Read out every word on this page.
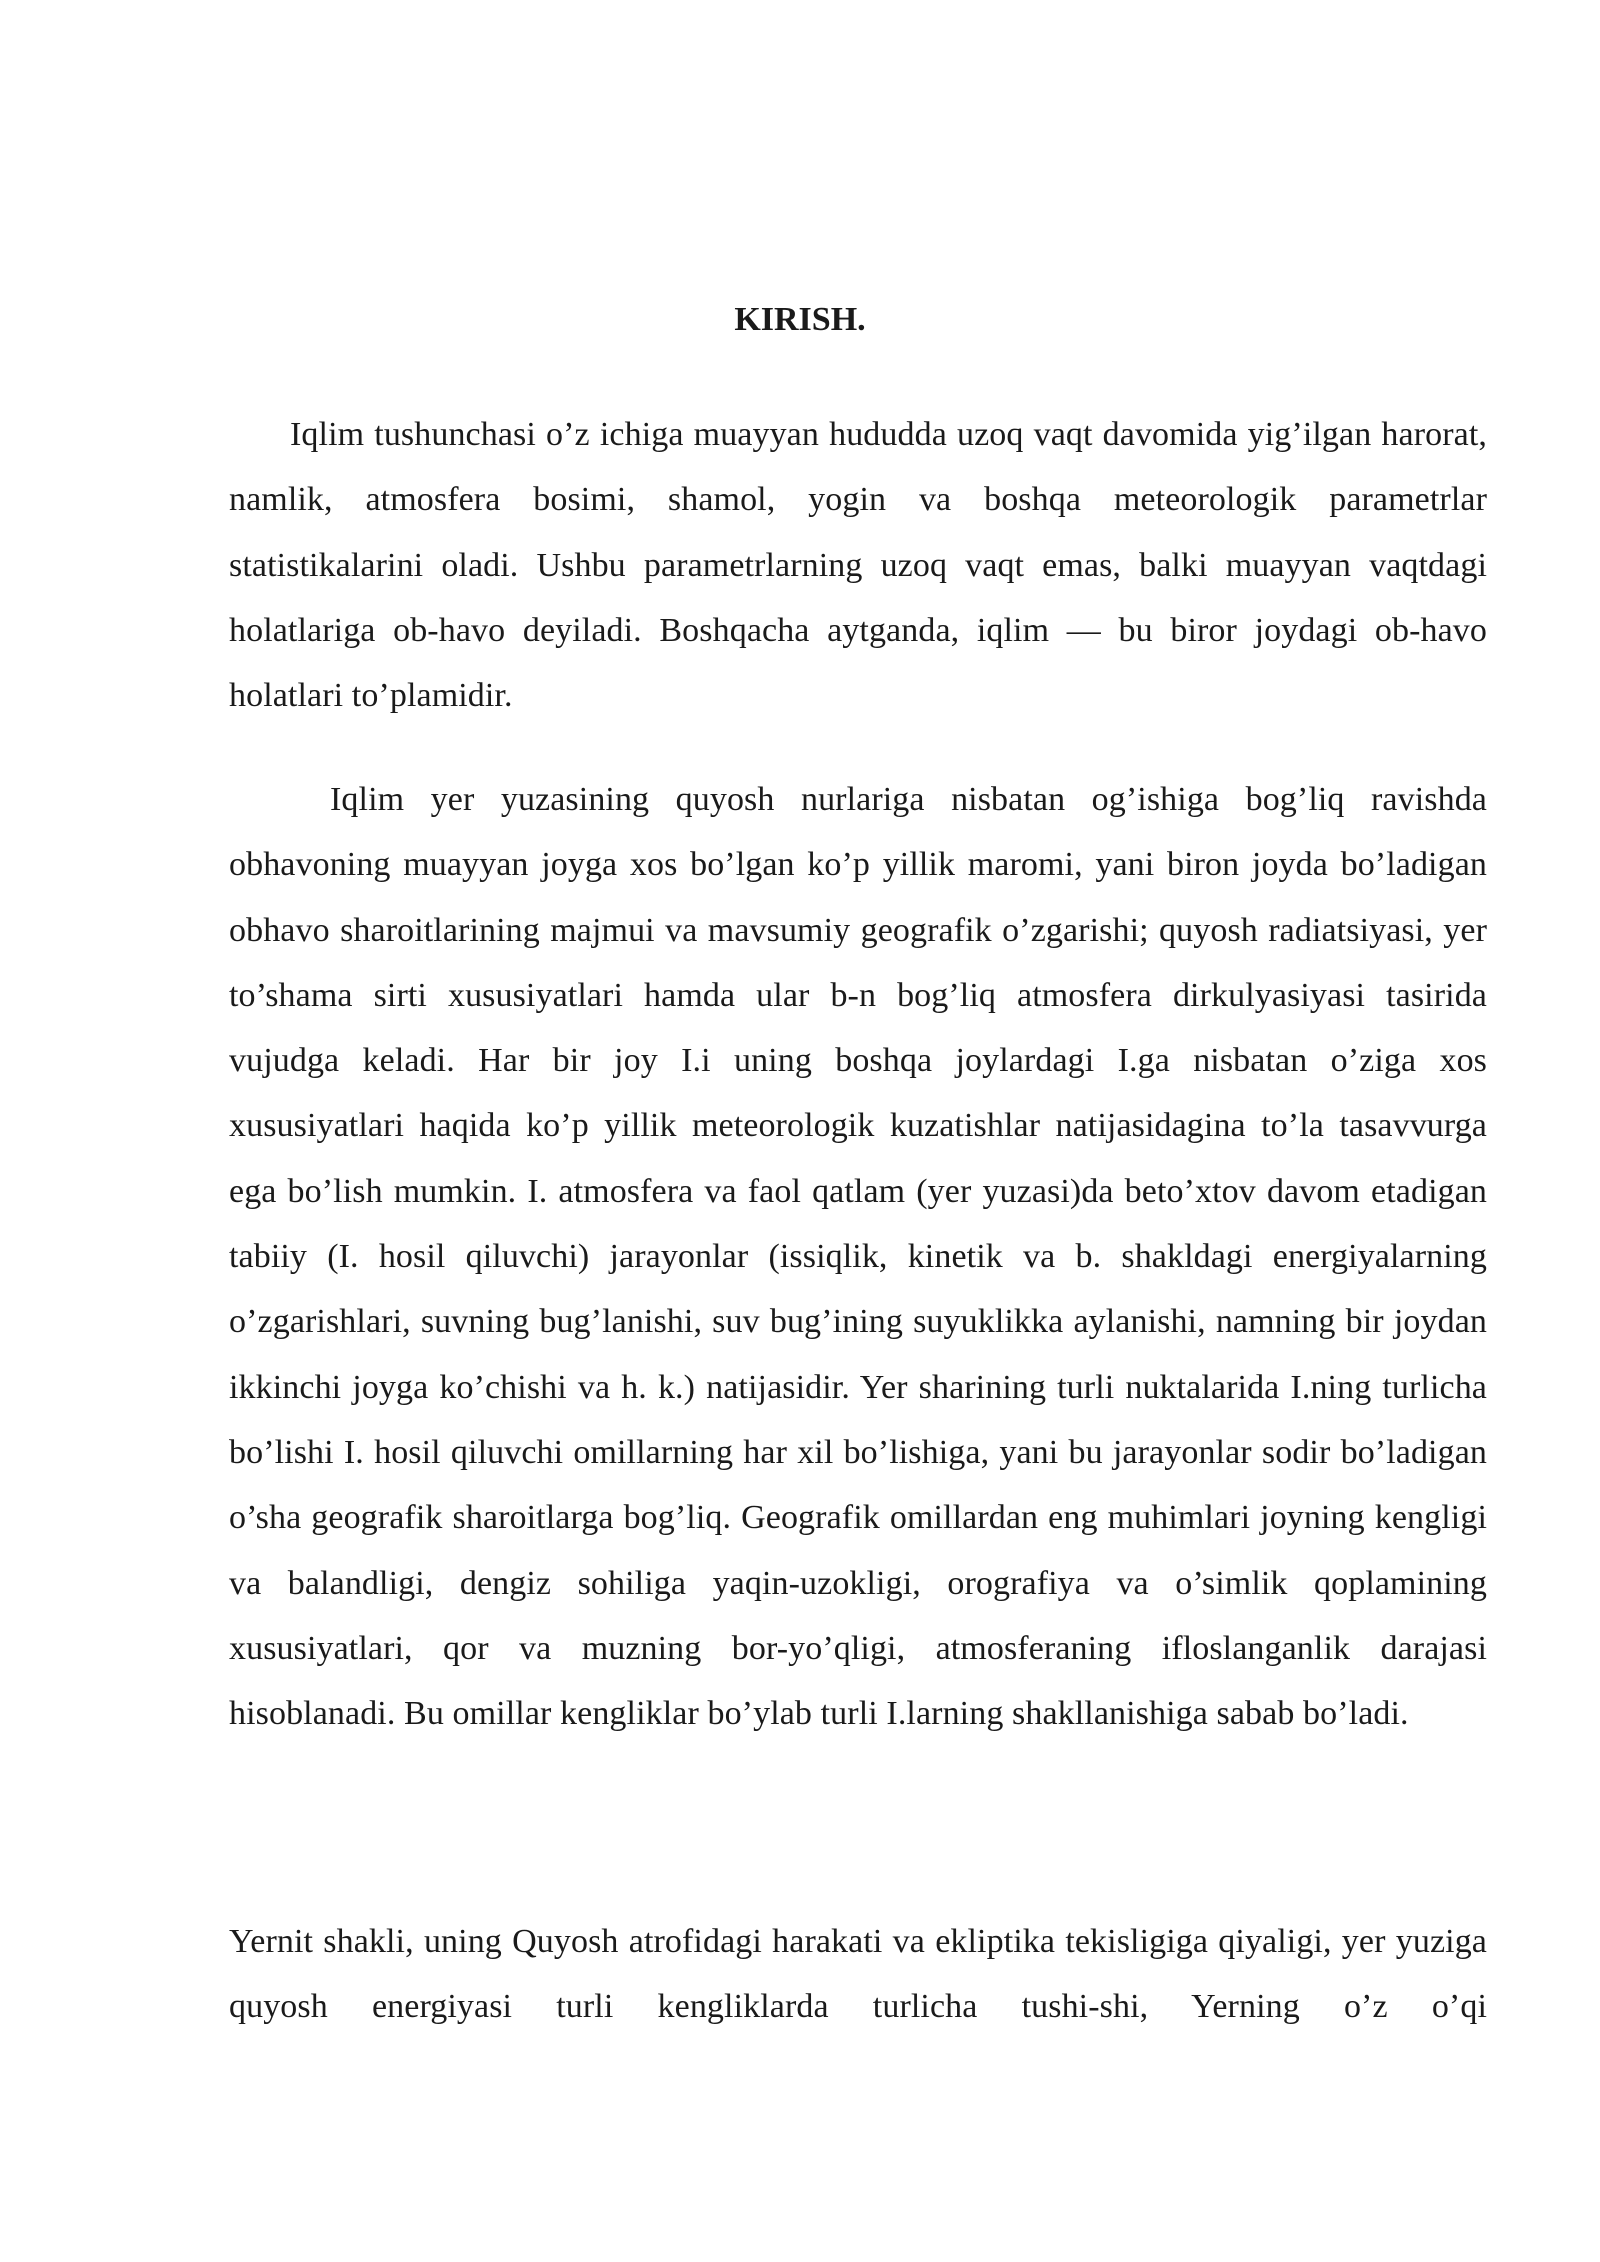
KIRISH.

Iqlim tushunchasi o’z ichiga muayyan hududda uzoq vaqt davomida yig’ilgan harorat, namlik, atmosfera bosimi, shamol, yogin va boshqa meteorologik parametrlar statistikalarini oladi. Ushbu parametrlarning uzoq vaqt emas, balki muayyan vaqtdagi holatlariga ob-havo deyiladi. Boshqacha aytganda, iqlim — bu biror joydagi ob-havo holatlari to’plamidir.

Iqlim yer yuzasining quyosh nurlariga nisbatan og’ishiga bog’liq ravishda obhavoning muayyan joyga xos bo’lgan ko’p yillik maromi, yani biron joyda bo’ladigan obhavo sharoitlarining majmui va mavsumiy geografik o’zgarishi; quyosh radiatsiyasi, yer to’shama sirti xususiyatlari hamda ular b-n bog’liq atmosfera dirkulyasiyasi tasirida vujudga keladi. Har bir joy I.i uning boshqa joylardagi I.ga nisbatan o’ziga xos xususiyatlari haqida ko’p yillik meteorologik kuzatishlar natijasidagina to’la tasavvurga ega bo’lish mumkin. I. atmosfera va faol qatlam (yer yuzasi)da beto’xtov davom etadigan tabiiy (I. hosil qiluvchi) jarayonlar (issiqlik, kinetik va b. shakldagi energiyalarning o’zgarishlari, suvning bug’lanishi, suv bug’ining suyuklikka aylanishi, namning bir joydan ikkinchi joyga ko’chishi va h. k.) natijasidir. Yer sharining turli nuktalarida I.ning turlicha bo’lishi I. hosil qiluvchi omillarning har xil bo’lishiga, yani bu jarayonlar sodir bo’ladigan o’sha geografik sharoitlarga bog’liq. Geografik omillardan eng muhimlari joyning kengligi va balandligi, dengiz sohiliga yaqin-uzokligi, orografiya va o’simlik qoplamining xususiyatlari, qor va muzning bor-yo’qligi, atmosferaning ifloslanganlik darajasi hisoblanadi. Bu omillar kengliklar bo’ylab turli I.larning shakllanishiga sabab bo’ladi.

Yernit shakli, uning Quyosh atrofidagi harakati va ekliptika tekisligiga qiyaligi, yer yuziga quyosh energiyasi turli kengliklarda turlicha tushi-shi, Yerning o’z o’qi
